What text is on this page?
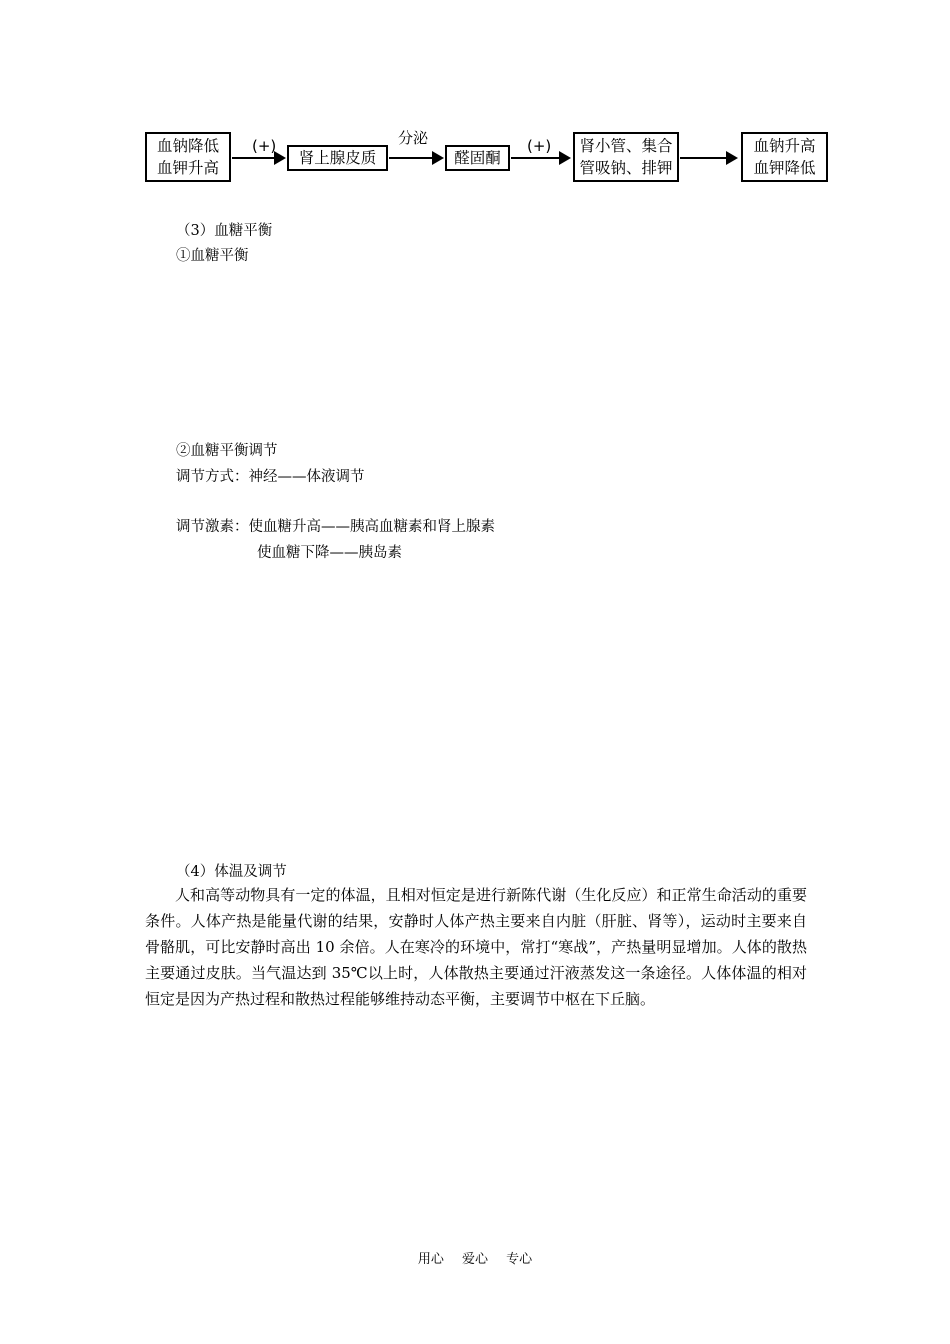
血钠降低
血钾升高
(+)
肾上腺皮质
分泌
醛固酮
(+) 肾小管、集合
管吸钠、排钾
血钠升高
血钾降低
（3）血糖平衡
①血糖平衡
②血糖平衡调节
调节方式：神经——体液调节
调节激素：使血糖升高——胰高血糖素和肾上腺素
使血糖下降——胰岛素
（4）体温及调节
人和高等动物具有一定的体温，且相对恒定是进行新陈代谢（生化反应）和正常生命活动的重要条件。人体产热是能量代谢的结果，安静时人体产热主要来自内脏（肝脏、肾等），运动时主要来自骨骼肌，可比安静时高出 10 余倍。人在寒冷的环境中，常打“寒战”，产热量明显增加。人体的散热主要通过皮肤。当气温达到 35℃以上时，人体散热主要通过汗液蒸发这一条途径。人体体温的相对恒定是因为产热过程和散热过程能够维持动态平衡，主要调节中枢在下丘脑。
用心 爱心 专心
